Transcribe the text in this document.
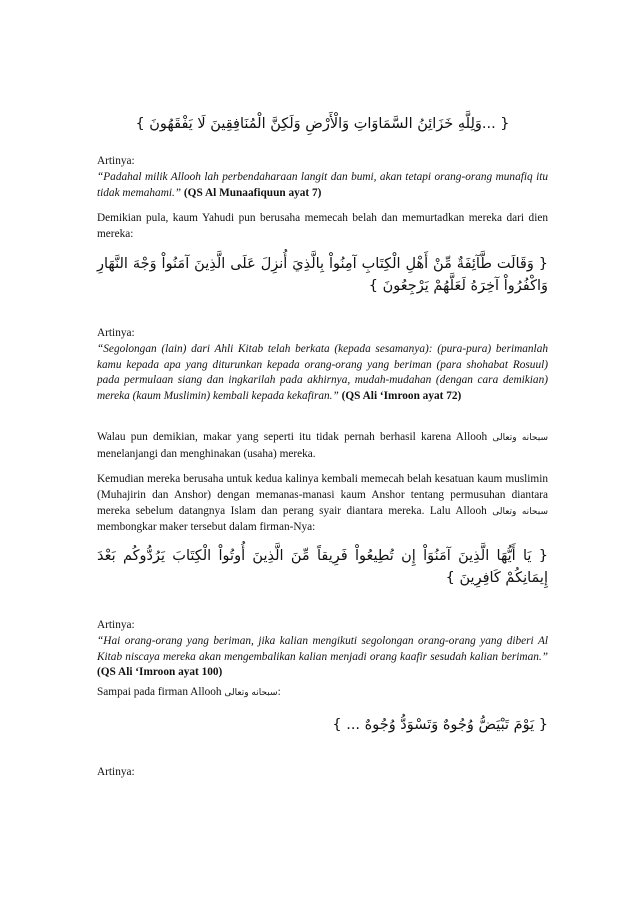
{ ...وَلِلَّهِ خَزَائِنُ السَّمَاوَاتِ وَالْأَرْضِ وَلَكِنَّ الْمُنَافِقِينَ لَا يَفْقَهُونَ }
Artinya:
“Padahal milik Allooh lah perbendaharaan langit dan bumi, akan tetapi orang-orang munafiq itu tidak memahami.” (QS Al Munaafiquun ayat 7)
Demikian pula, kaum Yahudi pun berusaha memecah belah dan memurtadkan mereka dari dien mereka:
{ وَقَالَت طَّآئِفَةٌ مِّنْ أَهْلِ الْكِتَابِ آمِنُواْ بِالَّذِيَ أُنزِلَ عَلَى الَّذِينَ آمَنُواْ وَجْهَ النَّهَارِ وَاكْفُرُواْ آخِرَهُ لَعَلَّهُمْ يَرْجِعُونَ }
Artinya:
“Segolongan (lain) dari Ahli Kitab telah berkata (kepada sesamanya): (pura-pura) berimanlah kamu kepada apa yang diturunkan kepada orang-orang yang beriman (para shohabat Rosuul) pada permulaan siang dan ingkarilah pada akhirnya, mudah-mudahan (dengan cara demikian) mereka (kaum Muslimin) kembali kepada kekafiran.” (QS Ali ‘Imroon ayat 72)
Walau pun demikian, makar yang seperti itu tidak pernah berhasil karena Allooh سبحانه وتعالى menelanjangi dan menghinakan (usaha) mereka.
Kemudian mereka berusaha untuk kedua kalinya kembali memecah belah kesatuan kaum muslimin (Muhajirin dan Anshor) dengan memanas-manasi kaum Anshor tentang permusuhan diantara mereka sebelum datangnya Islam dan perang syair diantara mereka. Lalu Allooh سبحانه وتعالى membongkar maker tersebut dalam firman-Nya:
{ يَا أَيُّهَا الَّذِينَ آمَنُوَاْ إِن تُطِيعُواْ فَرِيقاً مِّنَ الَّذِينَ أُوتُواْ الْكِتَابَ يَرُدُّوكُم بَعْدَ إِيمَانِكُمْ كَافِرِينَ }
Artinya:
“Hai orang-orang yang beriman, jika kalian mengikuti segolongan orang-orang yang diberi Al Kitab niscaya mereka akan mengembalikan kalian menjadi orang kaafir sesudah kalian beriman.” (QS Ali ‘Imroon ayat 100)
Sampai pada firman Allooh سبحانه وتعالى:
{ يَوْمَ تَبْيَضُّ وُجُوهٌ وَتَسْوَدُّ وُجُوهٌ ... }
Artinya:
